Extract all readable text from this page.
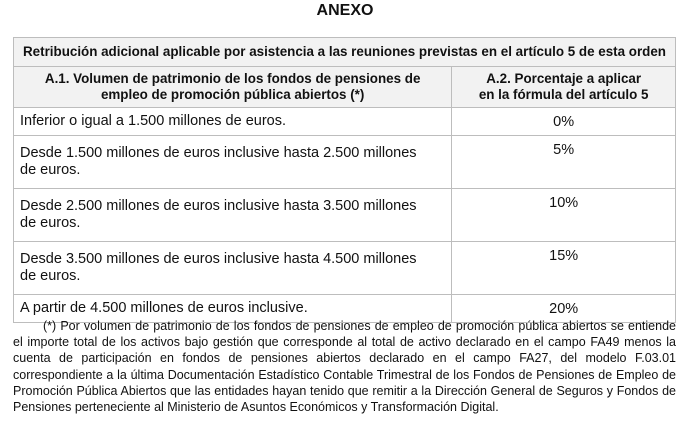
ANEXO
Retribución adicional aplicable por asistencia a las reuniones previstas en el artículo 5 de esta orden	

A.1. Volumen de patrimonio de los fondos de pensiones de empleo de promoción pública abiertos (*)	A.2. Porcentaje a aplicar
en la fórmula del artículo 5

Inferior o igual a 1.500 millones de euros.	0%

Desde 1.500 millones de euros inclusive hasta 2.500 millones de euros.	5%

Desde 2.500 millones de euros inclusive hasta 3.500 millones de euros.	10%

Desde 3.500 millones de euros inclusive hasta 4.500 millones de euros.	15%

A partir de 4.500 millones de euros inclusive.	20%
(*) Por volumen de patrimonio de los fondos de pensiones de empleo de promoción pública abiertos se entiende el importe total de los activos bajo gestión que corresponde al total de activo declarado en el campo FA49 menos la cuenta de participación en fondos de pensiones abiertos declarado en el campo FA27, del modelo F.03.01 correspondiente a la última Documentación Estadístico Contable Trimestral de los Fondos de Pensiones de Empleo de Promoción Pública Abiertos que las entidades hayan tenido que remitir a la Dirección General de Seguros y Fondos de Pensiones perteneciente al Ministerio de Asuntos Económicos y Transformación Digital.
